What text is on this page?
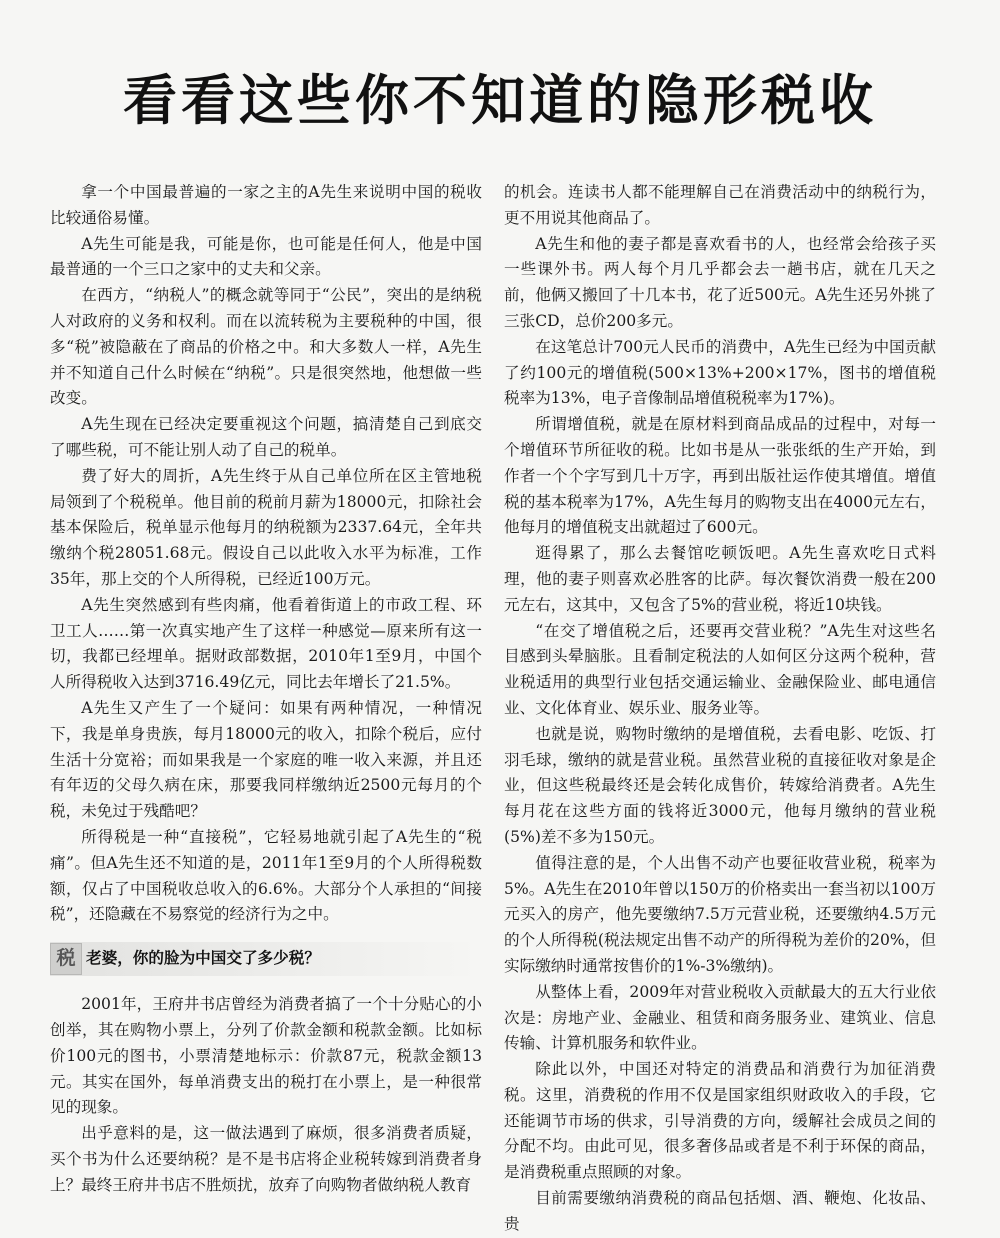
看看这些你不知道的隐形税收

拿一个中国最普遍的一家之主的A先生来说明中国的税收比较通俗易懂。

A先生可能是我，可能是你，也可能是任何人，他是中国最普通的一个三口之家中的丈夫和父亲。

在西方，“纳税人”的概念就等同于“公民”，突出的是纳税人对政府的义务和权利。而在以流转税为主要税种的中国，很多“税”被隐蔽在了商品的价格之中。和大多数人一样，A先生并不知道自己什么时候在“纳税”。只是很突然地，他想做一些改变。

A先生现在已经决定要重视这个问题，搞清楚自己到底交了哪些税，可不能让别人动了自己的税单。

费了好大的周折，A先生终于从自己单位所在区主管地税局领到了个税税单。他目前的税前月薪为18000元，扣除社会基本保险后，税单显示他每月的纳税额为2337.64元，全年共缴纳个税28051.68元。假设自己以此收入水平为标准，工作35年，那上交的个人所得税，已经近100万元。

A先生突然感到有些肉痛，他看着街道上的市政工程、环卫工人……第一次真实地产生了这样一种感觉—原来所有这一切，我都已经埋单。据财政部数据，2010年1至9月，中国个人所得税收入达到3716.49亿元，同比去年增长了21.5%。

A先生又产生了一个疑问：如果有两种情况，一种情况下，我是单身贵族，每月18000元的收入，扣除个税后，应付生活十分宽裕；而如果我是一个家庭的唯一收入来源，并且还有年迈的父母久病在床，那要我同样缴纳近2500元每月的个税，未免过于残酷吧？

所得税是一种“直接税”，它轻易地就引起了A先生的“税痛”。但A先生还不知道的是，2011年1至9月的个人所得税数额，仅占了中国税收总收入的6.6%。大部分个人承担的“间接税”，还隐藏在不易察觉的经济行为之中。

税 老婆，你的脸为中国交了多少税？

2001年，王府井书店曾经为消费者搞了一个十分贴心的小创举，其在购物小票上，分列了价款金额和税款金额。比如标价100元的图书，小票清楚地标示：价款87元，税款金额13元。其实在国外，每单消费支出的税打在小票上，是一种很常见的现象。

出乎意料的是，这一做法遇到了麻烦，很多消费者质疑，买个书为什么还要纳税？是不是书店将企业税转嫁到消费者身上？最终王府井书店不胜烦扰，放弃了向购物者做纳税人教育

的机会。连读书人都不能理解自己在消费活动中的纳税行为，更不用说其他商品了。

A先生和他的妻子都是喜欢看书的人，也经常会给孩子买一些课外书。两人每个月几乎都会去一趟书店，就在几天之前，他俩又搬回了十几本书，花了近500元。A先生还另外挑了三张CD，总价200多元。

在这笔总计700元人民币的消费中，A先生已经为中国贡献了约100元的增值税(500×13%+200×17%，图书的增值税税率为13%，电子音像制品增值税税率为17%)。

所谓增值税，就是在原材料到商品成品的过程中，对每一个增值环节所征收的税。比如书是从一张张纸的生产开始，到作者一个个字写到几十万字，再到出版社运作使其增值。增值税的基本税率为17%，A先生每月的购物支出在4000元左右，他每月的增值税支出就超过了600元。

逛得累了，那么去餐馆吃顿饭吧。A先生喜欢吃日式料理，他的妻子则喜欢必胜客的比萨。每次餐饮消费一般在200元左右，这其中，又包含了5%的营业税，将近10块钱。

“在交了增值税之后，还要再交营业税？”A先生对这些名目感到头晕脑胀。且看制定税法的人如何区分这两个税种，营业税适用的典型行业包括交通运输业、金融保险业、邮电通信业、文化体育业、娱乐业、服务业等。

也就是说，购物时缴纳的是增值税，去看电影、吃饭、打羽毛球，缴纳的就是营业税。虽然营业税的直接征收对象是企业，但这些税最终还是会转化成售价，转嫁给消费者。A先生每月花在这些方面的钱将近3000元，他每月缴纳的营业税(5%)差不多为150元。

值得注意的是，个人出售不动产也要征收营业税，税率为5%。A先生在2010年曾以150万的价格卖出一套当初以100万元买入的房产，他先要缴纳7.5万元营业税，还要缴纳4.5万元的个人所得税(税法规定出售不动产的所得税为差价的20%，但实际缴纳时通常按售价的1%-3%缴纳)。

从整体上看，2009年对营业税收入贡献最大的五大行业依次是：房地产业、金融业、租赁和商务服务业、建筑业、信息传输、计算机服务和软件业。

除此以外，中国还对特定的消费品和消费行为加征消费税。这里，消费税的作用不仅是国家组织财政收入的手段，它还能调节市场的供求，引导消费的方向，缓解社会成员之间的分配不均。由此可见，很多奢侈品或者是不利于环保的商品，是消费税重点照顾的对象。

目前需要缴纳消费税的商品包括烟、酒、鞭炮、化妆品、贵
